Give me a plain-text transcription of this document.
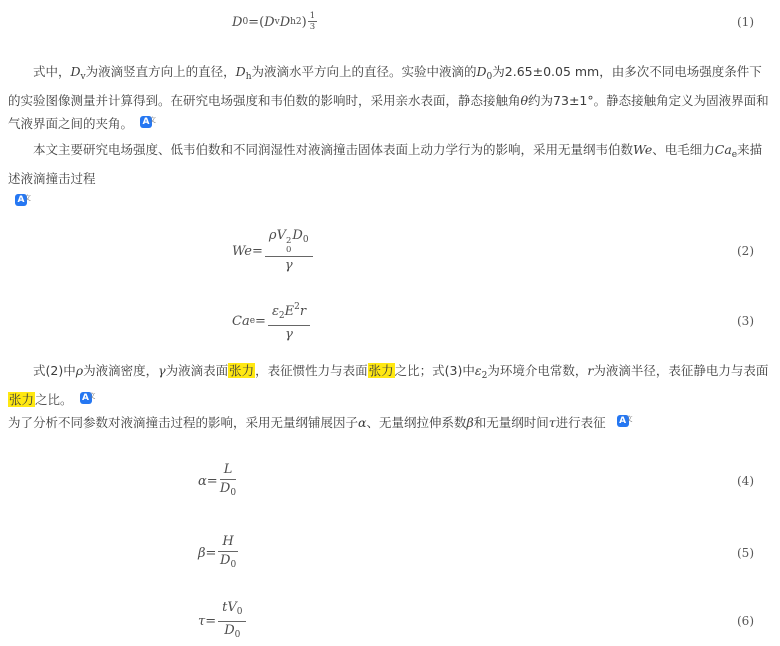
D 0 = ( D v D h 2 ) $\frac{1}{3}$	(1)

式中，$D_v$为液滴竖直方向上的直径，$D_h$为液滴水平方向上的直径。实验中液滴的$D_0$为2.65±0.05 mm，由多次不同电场强度条件下的实验图像测量并计算得到。在研究电场强度和韦伯数的影响时，采用亲水表面，静态接触角θ约为73±1°。静态接触角定义为固液界面和气液界面之间的夹角。 A 文

本文主要研究电场强度、低韦伯数和不同润湿性对液滴撞击固体表面上动力学行为的影响，采用无量纲韦伯数We、电毛细力$Ca_e$来描述液滴撞击过程

A 文

We = ρV 2
0
$D_0$
γ	(2)
Ca $e = \frac{\varepsilon_2E^2r}{\gamma}$	(3)

式(2)中ρ为液滴密度，γ为液滴表面张力，表征惯性力与表面张力之比；式(3)中$\varepsilon_2$为环境介电常数，r为液滴半径，表征静电力与表面张力之比。 A 文

为了分析不同参数对液滴撞击过程的影响，采用无量纲铺展因子α、无量纲拉伸系数β和无量纲时间τ进行表征 A 文

$\alpha = \frac{L}{D_0}$	(4)
$\beta = \frac{H}{D_0}$	(5)
$\tau = \frac{tV_0}{D_0}$	(6)
